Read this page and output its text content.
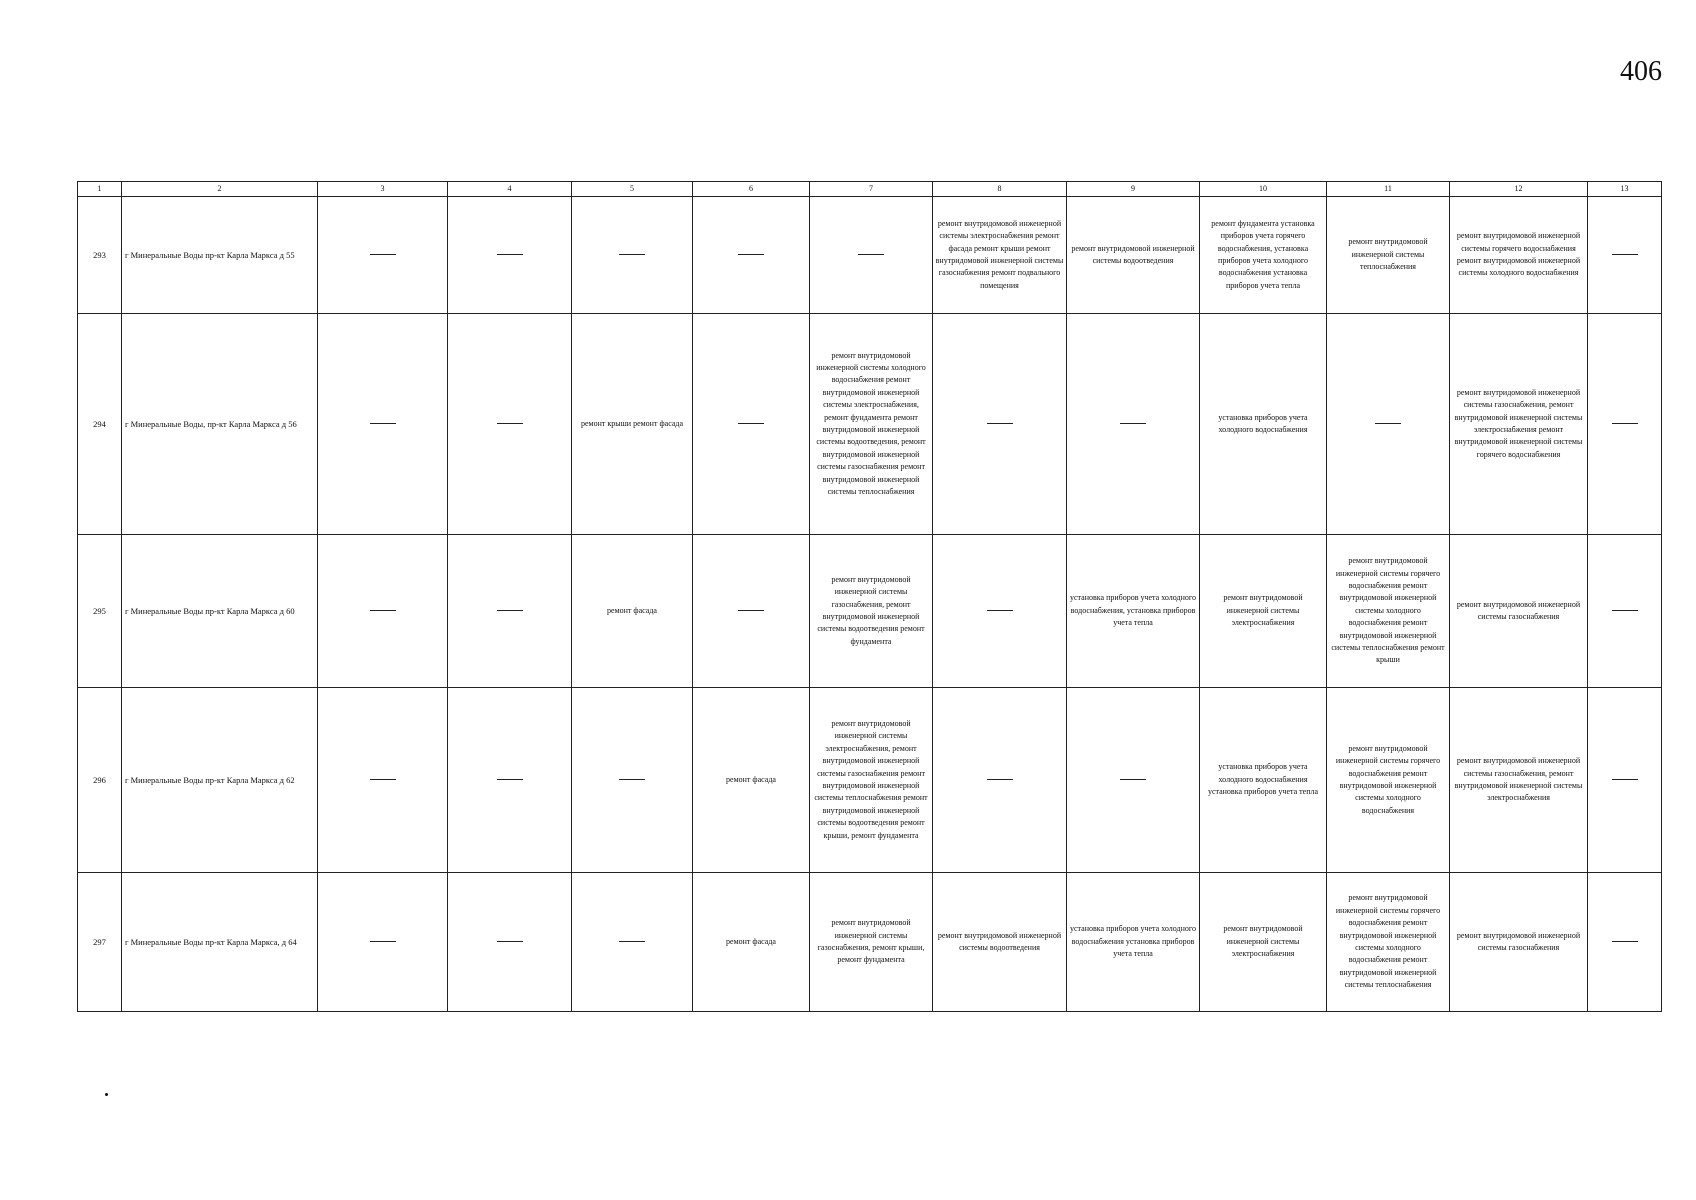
406
1	2	3	4	5	6	7	8	9	10	11	12	13
293	г Минеральные Воды пр-кт Карла Маркса д 55						ремонт внутридомовой инженерной системы электроснабжения ремонт фасада ремонт крыши ремонт внутридомовой инженерной системы газоснабжения ремонт подвального помещения	ремонт внутридомовой инженерной системы водоотведения	ремонт фундамента установка приборов учета горячего водоснабжения, установка приборов учета холодного водоснабжения установка приборов учета тепла	ремонт внутридомовой инженерной системы теплоснабжения	ремонт внутридомовой инженерной системы горячего водоснабжения ремонт внутридомовой инженерной системы холодного водоснабжения	
294	г Минеральные Воды, пр-кт Карла Маркса д 56			ремонт крыши ремонт фасада		ремонт внутридомовой инженерной системы холодного водоснабжения ремонт внутридомовой инженерной системы электроснабжения, ремонт фундамента ремонт внутридомовой инженерной системы водоотведения, ремонт внутридомовой инженерной системы газоснабжения ремонт внутридомовой инженерной системы теплоснабжения			установка приборов учета холодного водоснабжения		ремонт внутридомовой инженерной системы газоснабжения, ремонт внутридомовой инженерной системы электроснабжения ремонт внутридомовой инженерной системы горячего водоснабжения	
295	г Минеральные Воды пр-кт Карла Маркса д 60			ремонт фасада		ремонт внутридомовой инженерной системы газоснабжения, ремонт внутридомовой инженерной системы водоотведения ремонт фундамента		установка приборов учета холодного водоснабжения, установка приборов учета тепла	ремонт внутридомовой инженерной системы электроснабжения	ремонт внутридомовой инженерной системы горячего водоснабжения ремонт внутридомовой инженерной системы холодного водоснабжения ремонт внутридомовой инженерной системы теплоснабжения ремонт крыши	ремонт внутридомовой инженерной системы газоснабжения	
296	г Минеральные Воды пр-кт Карла Маркса д 62				ремонт фасада	ремонт внутридомовой инженерной системы электроснабжения, ремонт внутридомовой инженерной системы газоснабжения ремонт внутридомовой инженерной системы теплоснабжения ремонт внутридомовой инженерной системы водоотведения ремонт крыши, ремонт фундамента			установка приборов учета холодного водоснабжения установка приборов учета тепла	ремонт внутридомовой инженерной системы горячего водоснабжения ремонт внутридомовой инженерной системы холодного водоснабжения	ремонт внутридомовой инженерной системы газоснабжения, ремонт внутридомовой инженерной системы электроснабжения	
297	г Минеральные Воды пр-кт Карла Маркса, д 64				ремонт фасада	ремонт внутридомовой инженерной системы газоснабжения, ремонт крыши, ремонт фундамента	ремонт внутридомовой инженерной системы водоотведения	установка приборов учета холодного водоснабжения установка приборов учета тепла	ремонт внутридомовой инженерной системы электроснабжения	ремонт внутридомовой инженерной системы горячего водоснабжения ремонт внутридомовой инженерной системы холодного водоснабжения ремонт внутридомовой инженерной системы теплоснабжения	ремонт внутридомовой инженерной системы газоснабжения	
